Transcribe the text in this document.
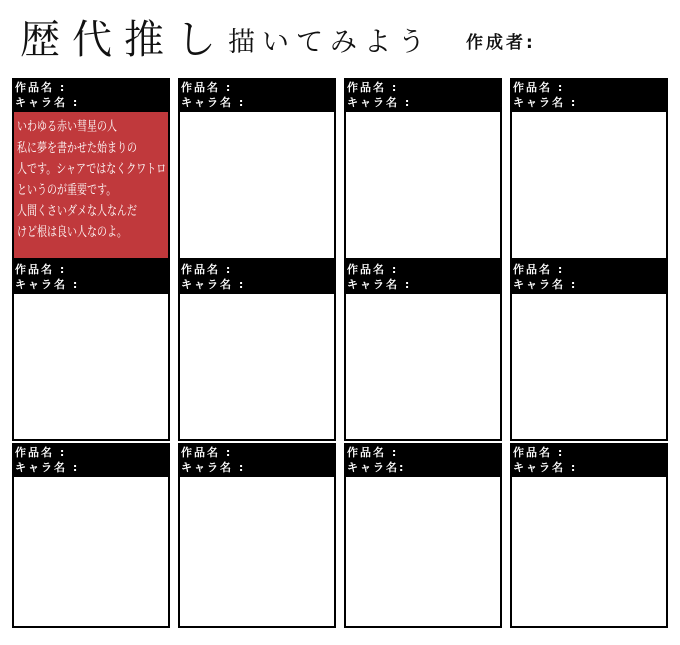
歴代推し 描いてみよう 作成者:
作品名 :
キャラ名 :
いわゆる赤い彗星の人
私に夢を書かせた始まりの
人です。シャアではなくクワトロ
というのが重要です。
人間くさいダメな人なんだ
けど根は良い人なのよ。
作品名 :
キャラ名 :
作品名 :
キャラ名 :
作品名 :
キャラ名 :
作品名 :
キャラ名 :
作品名 :
キャラ名 :
作品名 :
キャラ名 :
作品名 :
キャラ名 :
作品名 :
キャラ名 :
作品名 :
キャラ名 :
作品名 :
キャラ名:
作品名 :
キャラ名 :
